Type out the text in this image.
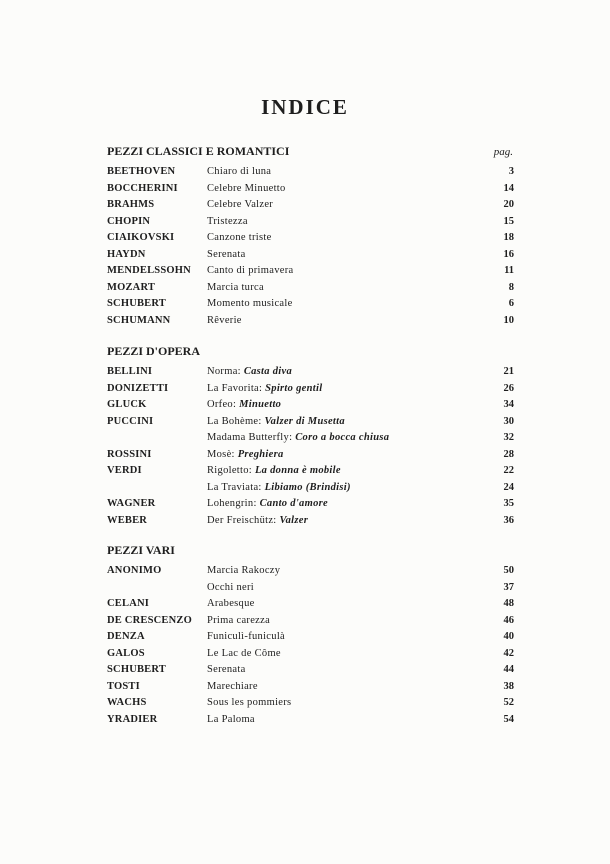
INDICE
PEZZI CLASSICI E ROMANTICI	pag.
BEETHOVEN	Chiaro di luna	3
BOCCHERINI	Celebre Minuetto	14
BRAHMS	Celebre Valzer	20
CHOPIN	Tristezza	15
CIAIKOVSKI	Canzone triste	18
HAYDN	Serenata	16
MENDELSSOHN Canto di primavera	11
MOZART	Marcia turca	8
SCHUBERT	Momento musicale	6
SCHUMANN	Rêverie	10
PEZZI D'OPERA
BELLINI	Norma: Casta diva	21
DONIZETTI	La Favorita: Spirto gentil	26
GLUCK	Orfeo: Minuetto	34
PUCCINI	La Bohème: Valzer di Musetta	30
Madama Butterfly: Coro a bocca chiusa	32
ROSSINI	Mosè: Preghiera	28
VERDI	Rigoletto: La donna è mobile	22
La Traviata: Libiamo (Brindisi)	24
WAGNER	Lohengrin: Canto d'amore	35
WEBER	Der Freischütz: Valzer	36
PEZZI VARI
ANONIMO	Marcia Rakoczy	50
Occhi neri	37
CELANI	Arabesque	48
DE CRESCENZO Prima carezza	46
DENZA	Funiculì-funiculà	40
GALOS	Le Lac de Côme	42
SCHUBERT	Serenata	44
TOSTI	Marechiare	38
WACHS	Sous les pommiers	52
YRADIER	La Paloma	54
